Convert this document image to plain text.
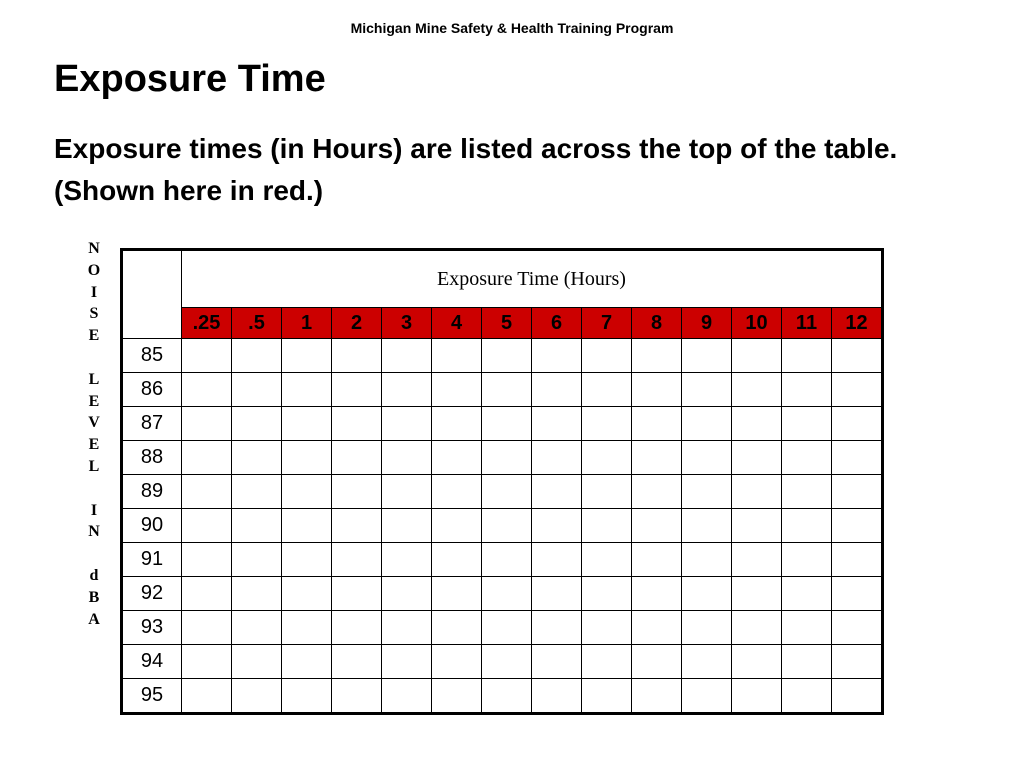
Michigan Mine Safety & Health Training Program
Exposure Time
Exposure times (in Hours) are listed across the top of the table. (Shown here in red.)
N
O
I
S
E

L
E
V
E
L

I
N

d
B
A
	Exposure Time (Hours)													
	.25	.5	1	2	3	4	5	6	7	8	9	10	11	12
85														
86														
87														
88														
89														
90														
91														
92														
93														
94														
95														
